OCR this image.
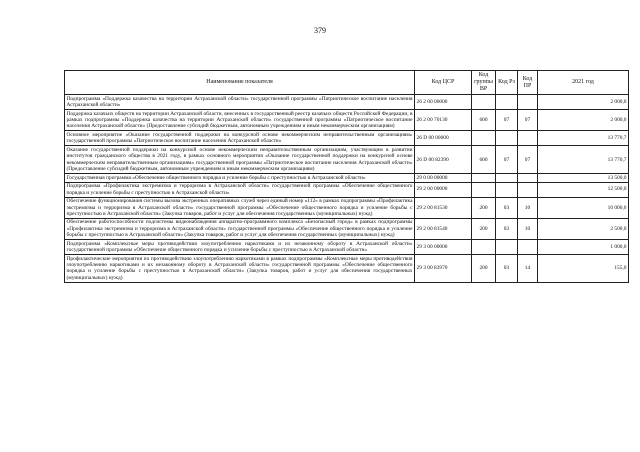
379
Наименование показателя	Код ЦСР	Код группы ВР	Код Рз	Код ПР	2021 год
Подпрограмма «Поддержка казачества на территории Астраханской области» государственной программы «Патриотическое воспитание населения Астраханской области»	26 2 00 00000				2 000,0
Поддержка казачьих обществ на территории Астраханской области, внесенных в государственный реестр казачьих обществ Российской Федерации, в рамках подпрограммы «Поддержка казачества на территории Астраханской области» государственной программы «Патриотическое воспитание населения Астраханской области» (Предоставление субсидий бюджетным, автономным учреждениям и иным некоммерческим организациям)	26 2 00 70130	600	07	07	2 000,0
Основное мероприятие «Оказание государственной поддержки на конкурсной основе некоммерческим неправительственным организациям» государственной программы «Патриотическое воспитание населения Астраханской области»	26 D 00 00000				13 770,7
Оказание государственной поддержки на конкурсной основе некоммерческим неправительственным организациям, участвующим в развитии институтов гражданского общества в 2021 году, в рамках основного мероприятия «Оказание государственной поддержки на конкурсной основе некоммерческим неправительственным организациям» государственной программы «Патриотическое воспитание населения Астраханской области» (Предоставление субсидий бюджетным, автономным учреждениям и иным некоммерческим организациям)	26 D 00 82390	600	07	07	13 770,7
Государственная программа «Обеспечение общественного порядка и усиление борьбы с преступностью в Астраханской области»	29 0 00 00000				13 500,0
Подпрограмма «Профилактика экстремизма и терроризма в Астраханской области» государственной программы «Обеспечение общественного порядка и усиление борьбы с преступностью в Астраханской области»	29 2 00 00000				12 500,0
Обеспечение функционирования системы вызова экстренных оперативных служб через единый номер «112» в рамках подпрограммы «Профилактика экстремизма и терроризма в Астраханской области» государственной программы «Обеспечение общественного порядка и усиление борьбы с преступностью в Астраханской области» (Закупка товаров, работ и услуг для обеспечения государственных (муниципальных) нужд)	29 2 00 81530	200	03	10	10 000,0
Обеспечение работоспособности подсистемы видеонаблюдения аппаратно-программного комплекса «Безопасный город» в рамках подпрограммы «Профилактика экстремизма и терроризма в Астраханской области» государственной программы «Обеспечение общественного порядка и усиление борьбы с преступностью в Астраханской области» (Закупка товаров, работ и услуг для обеспечения государственных (муниципальных) нужд)	29 2 00 81540	200	03	10	2 500,0
Подпрограмма «Комплексные меры противодействия злоупотреблению наркотиками и их незаконному обороту в Астраханской области» государственной программы «Обеспечение общественного порядка и усиление борьбы с преступностью в Астраханской области»	29 3 00 00000				1 000,0
Профилактические мероприятия по противодействию злоупотреблению наркотиками в рамках подпрограммы «Комплексные меры противодействия злоупотреблению наркотиками и их незаконному обороту в Астраханской области» государственной программы «Обеспечение общественного порядка и усиление борьбы с преступностью в Астраханской области» (Закупка товаров, работ и услуг для обеспечения государственных (муниципальных) нужд)	29 3 00 83970	200	03	14	155,0
